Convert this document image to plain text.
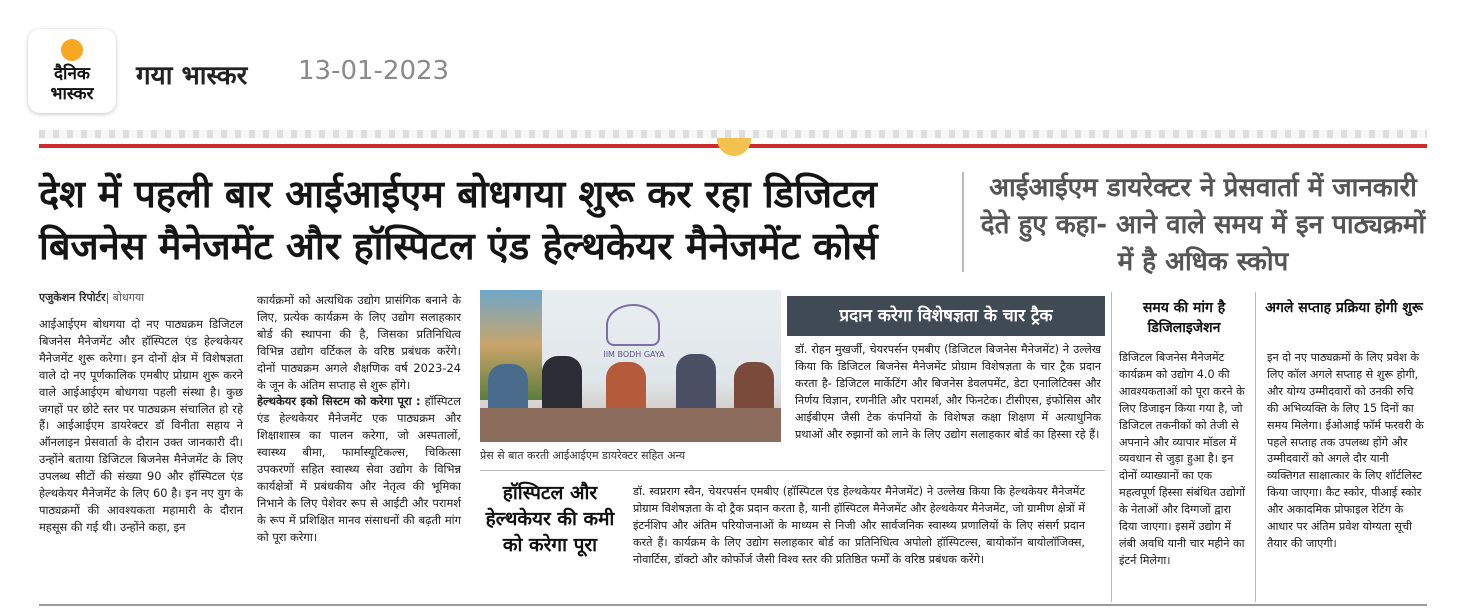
दैनिक
भास्कर
गया भास्कर 13-01-2023
देश में पहली बार आईआईएम बोधगया शुरू कर रहा डिजिटल
बिजनेस मैनेजमेंट और हॉस्पिटल एंड हेल्थकेयर मैनेजमेंट कोर्स
आईआईएम डायरेक्टर ने प्रेसवार्ता में जानकारी देते हुए कहा- आने वाले समय में इन पाठ्यक्रमों में है अधिक स्कोप
एजुकेशन रिपोर्टर| बोधगया
आईआईएम बोधगया दो नए पाठ्यक्रम डिजिटल बिजनेस मैनेजमेंट और हॉस्पिटल एंड हेल्थकेयर मैनेजमेंट शुरू करेगा। इन दोनों क्षेत्र में विशेषज्ञता वाले दो नए पूर्णकालिक एमबीए प्रोग्राम शुरू करने वाले आईआईएम बोधगया पहली संस्था है। कुछ जगहों पर छोटे स्तर पर पाठ्यक्रम संचालित हो रहे हैं। आईआईएम डायरेक्टर डॉ विनीता सहाय ने ऑनलाइन प्रेसवार्ता के दौरान उक्त जानकारी दी। उन्होंने बताया डिजिटल बिजनेस मैनेजमेंट के लिए उपलब्ध सीटों की संख्या 90 और हॉस्पिटल एंड हेल्थकेयर मैनेजमेंट के लिए 60 है। इन नए युग के पाठ्यक्रमों की आवश्यकता महामारी के दौरान महसूस की गई थी। उन्होंने कहा, इन
कार्यक्रमों को अत्यधिक उद्योग प्रासंगिक बनाने के लिए, प्रत्येक कार्यक्रम के लिए उद्योग सलाहकार बोर्ड की स्थापना की है, जिसका प्रतिनिधित्व विभिन्न उद्योग वर्टिकल के वरिष्ठ प्रबंधक करेंगे। दोनों पाठ्यक्रम अगले शैक्षणिक वर्ष 2023-24 के जून के अंतिम सप्ताह से शुरू होंगे।
हेल्थकेयर इको सिस्टम को करेगा पूरा : हॉस्पिटल एंड हेल्थकेयर मैनेजमेंट एक पाठ्यक्रम और शिक्षाशास्त्र का पालन करेगा, जो अस्पतालों, स्वास्थ्य बीमा, फार्मास्यूटिकल्स, चिकित्सा उपकरणों सहित स्वास्थ्य सेवा उद्योग के विभिन्न कार्यक्षेत्रों में प्रबंधकीय और नेतृत्व की भूमिका निभाने के लिए पेशेवर रूप से आईटी और परामर्श के रूप में प्रशिक्षित मानव संसाधनों की बढ़ती मांग को पूरा करेगा।
IIM BODH GAYA
प्रेस से बात करती आईआईएम डायरेक्टर सहित अन्य
प्रदान करेगा विशेषज्ञता के चार ट्रैक
डॉ. रोहन मुखर्जी, चेयरपर्सन एमबीए (डिजिटल बिजनेस मैनेजमेंट) ने उल्लेख किया कि डिजिटल बिजनेस मैनेजमेंट प्रोग्राम विशेषज्ञता के चार ट्रैक प्रदान करता है- डिजिटल मार्केटिंग और बिजनेस डेवलपमेंट, डेटा एनालिटिक्स और निर्णय विज्ञान, रणनीति और परामर्श, और फिनटेक। टीसीएस, इंफोसिस और आईबीएम जैसी टेक कंपनियों के विशेषज्ञ कक्षा शिक्षण में अत्याधुनिक प्रथाओं और रुझानों को लाने के लिए उद्योग सलाहकार बोर्ड का हिस्सा रहे हैं।
हॉस्पिटल और हेल्थकेयर की कमी को करेगा पूरा
डॉ. स्वप्नराग स्वैन, चेयरपर्सन एमबीए (हॉस्पिटल एंड हेल्थकेयर मैनेजमेंट) ने उल्लेख किया कि हेल्थकेयर मैनेजमेंट प्रोग्राम विशेषज्ञता के दो ट्रैक प्रदान करता है, यानी हॉस्पिटल मैनेजमेंट और हेल्थकेयर मैनेजमेंट, जो ग्रामीण क्षेत्रों में इंटर्नशिप और अंतिम परियोजनाओं के माध्यम से निजी और सार्वजनिक स्वास्थ्य प्रणालियों के लिए संसर्ग प्रदान करते हैं। कार्यक्रम के लिए उद्योग सलाहकार बोर्ड का प्रतिनिधित्व अपोलो हॉस्पिटल्स, बायोकॉन बायोलॉजिक्स, नोवार्टिस, डॉक्टो और कोर्फोर्ज जैसी विश्व स्तर की प्रतिष्ठित फर्मों के वरिष्ठ प्रबंधक करेंगे।
समय की मांग है डिजिलाइजेशन
डिजिटल बिजनेस मैनेजमेंट कार्यक्रम को उद्योग 4.0 की आवश्यकताओं को पूरा करने के लिए डिजाइन किया गया है, जो डिजिटल तकनीकों को तेजी से अपनाने और व्यापार मॉडल में व्यवधान से जुड़ा हुआ है। इन दोनों व्याख्यानों का एक महत्वपूर्ण हिस्सा संबंधित उद्योगों के नेताओं और दिग्गजों द्वारा दिया जाएगा। इसमें उद्योग में लंबी अवधि यानी चार महीने का इंटर्न मिलेगा।
अगले सप्ताह प्रक्रिया होगी शुरू
इन दो नए पाठ्यक्रमों के लिए प्रवेश के लिए कॉल अगले सप्ताह से शुरू होगी, और योग्य उम्मीदवारों को उनकी रुचि की अभिव्यक्ति के लिए 15 दिनों का समय मिलेगा। ईओआई फॉर्म फरवरी के पहले सप्ताह तक उपलब्ध होंगे और उम्मीदवारों को अगले दौर यानी व्यक्तिगत साक्षात्कार के लिए शॉर्टलिस्ट किया जाएगा। कैट स्कोर, पीआई स्कोर और अकादमिक प्रोफाइल रेटिंग के आधार पर अंतिम प्रवेश योग्यता सूची तैयार की जाएगी।
